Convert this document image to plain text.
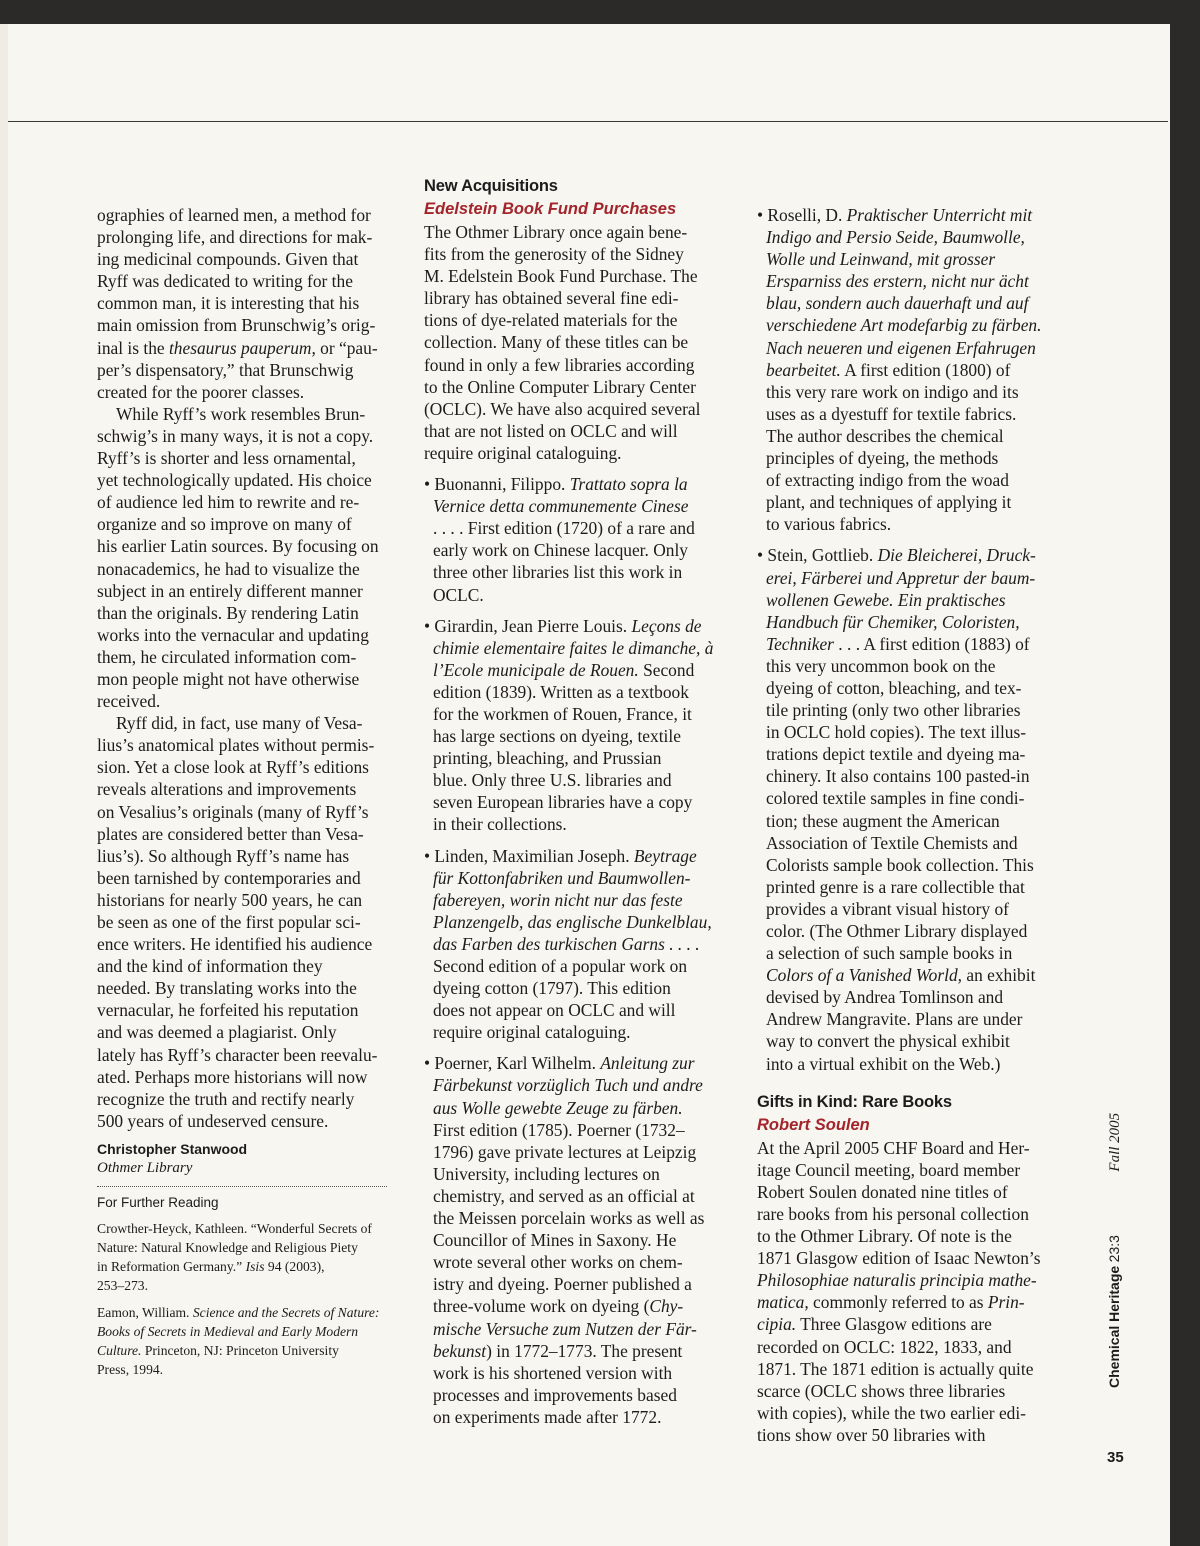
ographies of learned men, a method for
prolonging life, and directions for mak-
ing medicinal compounds. Given that
Ryff was dedicated to writing for the
common man, it is interesting that his
main omission from Brunschwig’s orig-
inal is the thesaurus pauperum, or “pau-
per’s dispensatory,” that Brunschwig
created for the poorer classes.
While Ryff’s work resembles Brun-
schwig’s in many ways, it is not a copy.
Ryff’s is shorter and less ornamental,
yet technologically updated. His choice
of audience led him to rewrite and re-
organize and so improve on many of
his earlier Latin sources. By focusing on
nonacademics, he had to visualize the
subject in an entirely different manner
than the originals. By rendering Latin
works into the vernacular and updating
them, he circulated information com-
mon people might not have otherwise
received.
Ryff did, in fact, use many of Vesa-
lius’s anatomical plates without permis-
sion. Yet a close look at Ryff’s editions
reveals alterations and improvements
on Vesalius’s originals (many of Ryff’s
plates are considered better than Vesa-
lius’s). So although Ryff’s name has
been tarnished by contemporaries and
historians for nearly 500 years, he can
be seen as one of the first popular sci-
ence writers. He identified his audience
and the kind of information they
needed. By translating works into the
vernacular, he forfeited his reputation
and was deemed a plagiarist. Only
lately has Ryff’s character been reevalu-
ated. Perhaps more historians will now
recognize the truth and rectify nearly
500 years of undeserved censure.
Christopher Stanwood
Othmer Library
For Further Reading
Crowther-Heyck, Kathleen. “Wonderful Secrets of
Nature: Natural Knowledge and Religious Piety
in Reformation Germany.” Isis 94 (2003),
253–273.
Eamon, William. Science and the Secrets of Nature:
Books of Secrets in Medieval and Early Modern
Culture. Princeton, NJ: Princeton University
Press, 1994.
New Acquisitions
Edelstein Book Fund Purchases
The Othmer Library once again bene-
fits from the generosity of the Sidney
M. Edelstein Book Fund Purchase. The
library has obtained several fine edi-
tions of dye-related materials for the
collection. Many of these titles can be
found in only a few libraries according
to the Online Computer Library Center
(OCLC). We have also acquired several
that are not listed on OCLC and will
require original cataloguing.
• Buonanni, Filippo. Trattato sopra la
Vernice detta communemente Cinese
. . . . First edition (1720) of a rare and
early work on Chinese lacquer. Only
three other libraries list this work in
OCLC.
• Girardin, Jean Pierre Louis. Leçons de
chimie elementaire faites le dimanche, à
l’Ecole municipale de Rouen. Second
edition (1839). Written as a textbook
for the workmen of Rouen, France, it
has large sections on dyeing, textile
printing, bleaching, and Prussian
blue. Only three U.S. libraries and
seven European libraries have a copy
in their collections.
• Linden, Maximilian Joseph. Beytrage
für Kottonfabriken und Baumwollen-
fabereyen, worin nicht nur das feste
Planzengelb, das englische Dunkelblau,
das Farben des turkischen Garns . . . .
Second edition of a popular work on
dyeing cotton (1797). This edition
does not appear on OCLC and will
require original cataloguing.
• Poerner, Karl Wilhelm. Anleitung zur
Färbekunst vorzüglich Tuch und andre
aus Wolle gewebte Zeuge zu färben.
First edition (1785). Poerner (1732–
1796) gave private lectures at Leipzig
University, including lectures on
chemistry, and served as an official at
the Meissen porcelain works as well as
Councillor of Mines in Saxony. He
wrote several other works on chem-
istry and dyeing. Poerner published a
three-volume work on dyeing (Chy-
mische Versuche zum Nutzen der Fär-
bekunst) in 1772–1773. The present
work is his shortened version with
processes and improvements based
on experiments made after 1772.
• Roselli, D. Praktischer Unterricht mit
Indigo and Persio Seide, Baumwolle,
Wolle und Leinwand, mit grosser
Ersparniss des erstern, nicht nur ächt
blau, sondern auch dauerhaft und auf
verschiedene Art modefarbig zu färben.
Nach neueren und eigenen Erfahrugen
bearbeitet. A first edition (1800) of
this very rare work on indigo and its
uses as a dyestuff for textile fabrics.
The author describes the chemical
principles of dyeing, the methods
of extracting indigo from the woad
plant, and techniques of applying it
to various fabrics.
• Stein, Gottlieb. Die Bleicherei, Druck-
erei, Färberei und Appretur der baum-
wollenen Gewebe. Ein praktisches
Handbuch für Chemiker, Coloristen,
Techniker . . . A first edition (1883) of
this very uncommon book on the
dyeing of cotton, bleaching, and tex-
tile printing (only two other libraries
in OCLC hold copies). The text illus-
trations depict textile and dyeing ma-
chinery. It also contains 100 pasted-in
colored textile samples in fine condi-
tion; these augment the American
Association of Textile Chemists and
Colorists sample book collection. This
printed genre is a rare collectible that
provides a vibrant visual history of
color. (The Othmer Library displayed
a selection of such sample books in
Colors of a Vanished World, an exhibit
devised by Andrea Tomlinson and
Andrew Mangravite. Plans are under
way to convert the physical exhibit
into a virtual exhibit on the Web.)
Gifts in Kind: Rare Books
Robert Soulen
At the April 2005 CHF Board and Her-
itage Council meeting, board member
Robert Soulen donated nine titles of
rare books from his personal collection
to the Othmer Library. Of note is the
1871 Glasgow edition of Isaac Newton’s
Philosophiae naturalis principia mathe-
matica, commonly referred to as Prin-
cipia. Three Glasgow editions are
recorded on OCLC: 1822, 1833, and
1871. The 1871 edition is actually quite
scarce (OCLC shows three libraries
with copies), while the two earlier edi-
tions show over 50 libraries with
Chemical Heritage 23:3 Fall 2005
35
